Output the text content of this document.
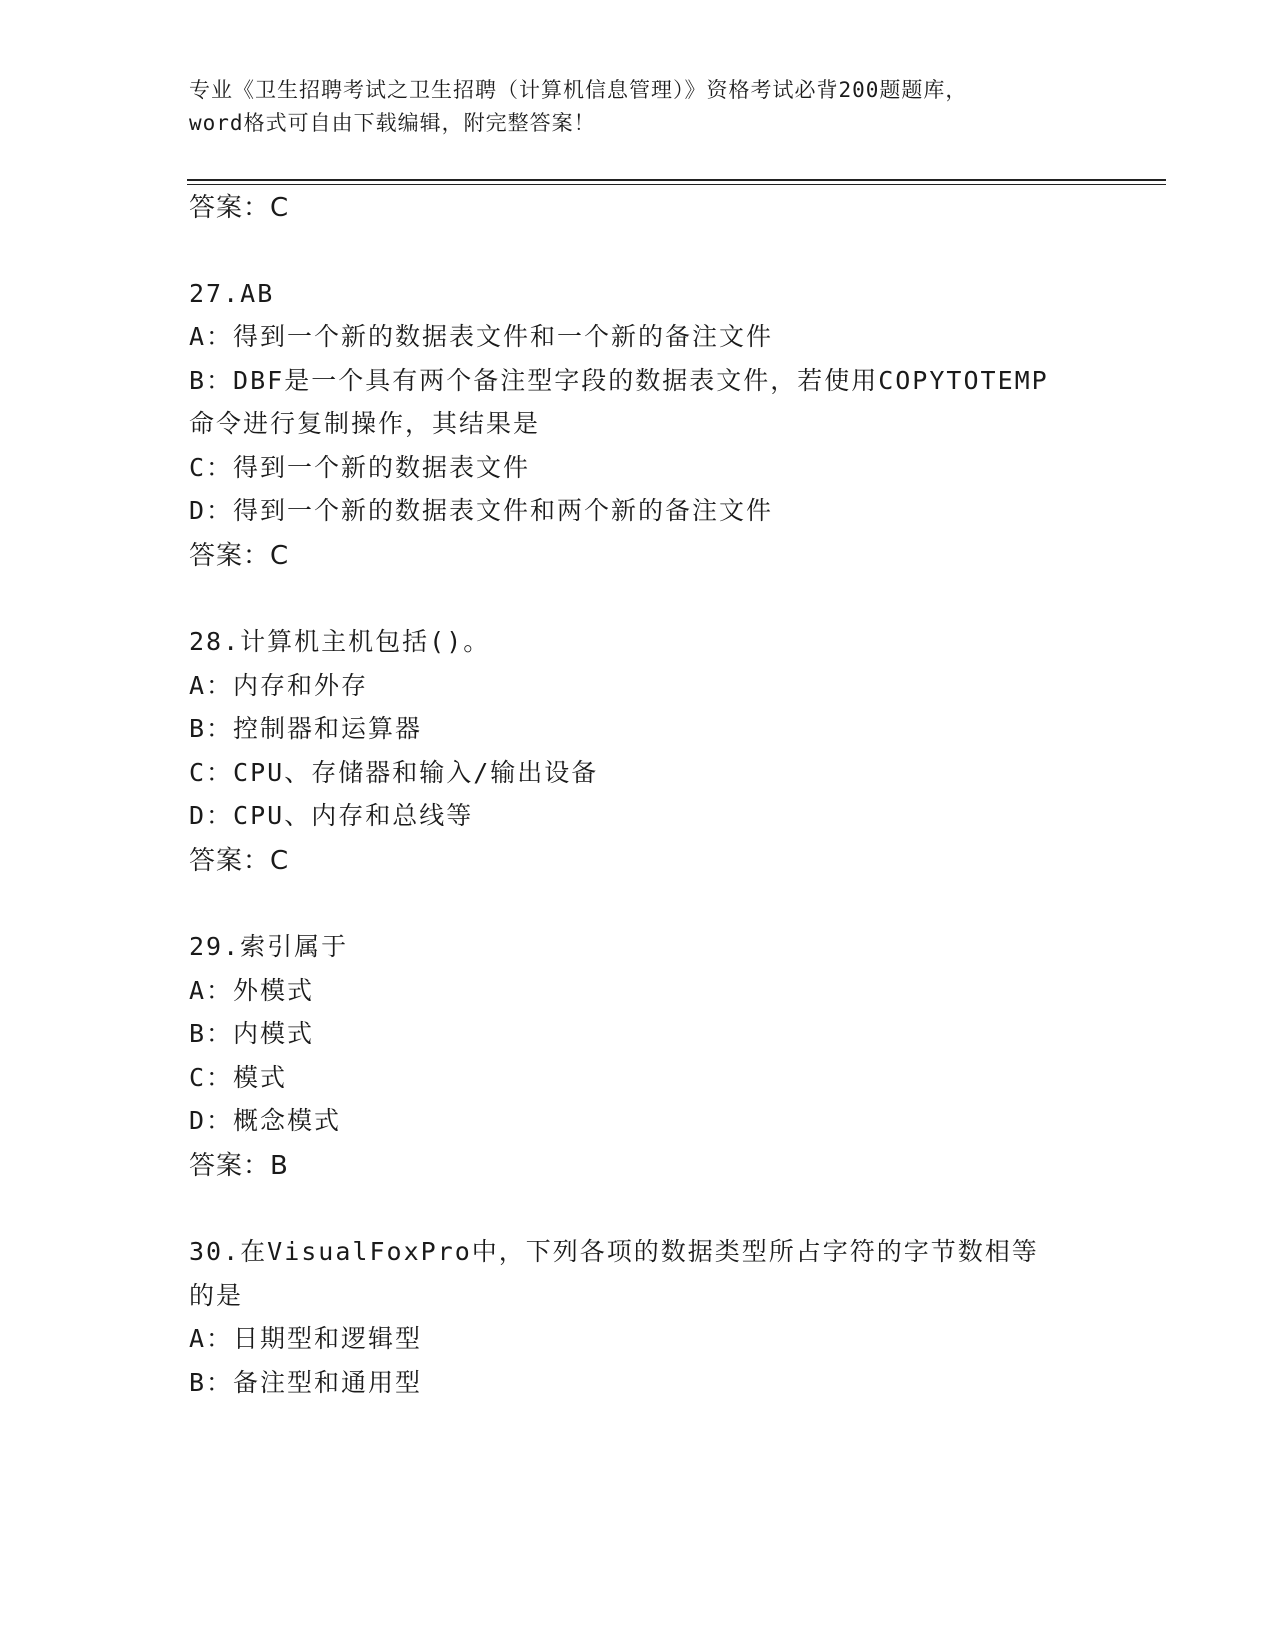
专业《卫生招聘考试之卫生招聘（计算机信息管理）》资格考试必背200题题库，
word格式可自由下载编辑，附完整答案！
答案：C
27.AB
A：得到一个新的数据表文件和一个新的备注文件
B：DBF是一个具有两个备注型字段的数据表文件，若使用COPYTOTEMP
命令进行复制操作，其结果是
C：得到一个新的数据表文件
D：得到一个新的数据表文件和两个新的备注文件
答案：C
28.计算机主机包括()。
A：内存和外存
B：控制器和运算器
C：CPU、存储器和输入/输出设备
D：CPU、内存和总线等
答案：C
29.索引属于
A：外模式
B：内模式
C：模式
D：概念模式
答案：B
30.在VisualFoxPro中，下列各项的数据类型所占字符的字节数相等
的是
A：日期型和逻辑型
B：备注型和通用型
